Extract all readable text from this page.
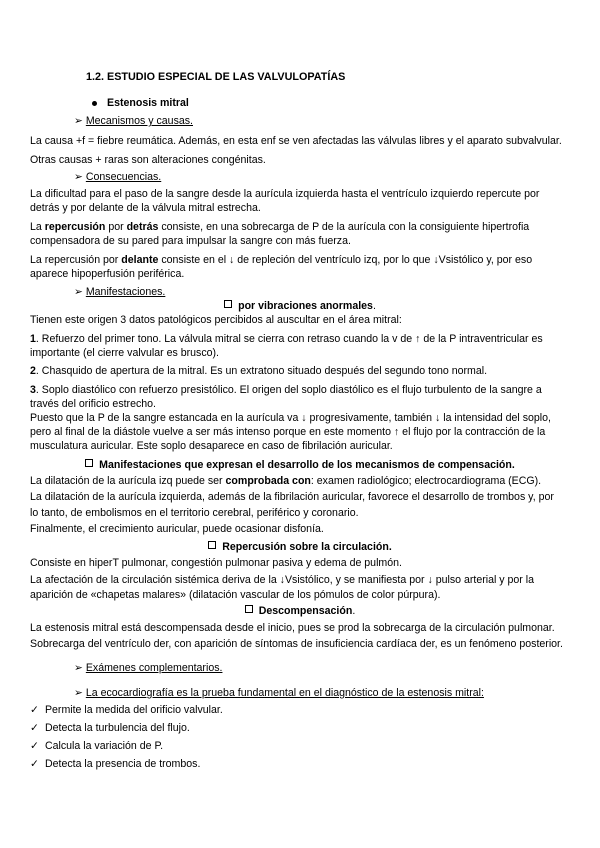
1.2. ESTUDIO ESPECIAL DE LAS VALVULOPATÍAS
Estenosis mitral
➢ Mecanismos y causas.
La causa +f = fiebre reumática. Además, en esta enf se ven afectadas las válvulas libres y el aparato subvalvular.
Otras causas + raras son alteraciones congénitas.
➢ Consecuencias.
La dificultad para el paso de la sangre desde la aurícula izquierda hasta el ventrículo izquierdo repercute por
detrás y por delante de la válvula mitral estrecha.
La repercusión por detrás consiste, en una sobrecarga de P de la aurícula con la consiguiente hipertrofia
compensadora de su pared para impulsar la sangre con más fuerza.
La repercusión por delante consiste en el ↓ de repleción del ventrículo izq, por lo que ↓Vsistólico y, por eso
aparece hipoperfusión periférica.
➢ Manifestaciones.
por vibraciones anormales.
Tienen este origen 3 datos patológicos percibidos al auscultar en el área mitral:
1. Refuerzo del primer tono. La válvula mitral se cierra con retraso cuando la v de ↑ de la P intraventricular es
importante (el cierre valvular es brusco).
2. Chasquido de apertura de la mitral. Es un extratono situado después del segundo tono normal.
3. Soplo diastólico con refuerzo presistólico. El origen del soplo diastólico es el flujo turbulento de la sangre a
través del orificio estrecho.
Puesto que la P de la sangre estancada en la aurícula va ↓ progresivamente, también ↓ la intensidad del soplo,
pero al final de la diástole vuelve a ser más intenso porque en este momento ↑ el flujo por la contracción de la
musculatura auricular. Este soplo desaparece en caso de fibrilación auricular.
Manifestaciones que expresan el desarrollo de los mecanismos de compensación.
La dilatación de la aurícula izq puede ser comprobada con: examen radiológico; electrocardiograma (ECG).
La dilatación de la aurícula izquierda, además de la fibrilación auricular, favorece el desarrollo de trombos y, por
lo tanto, de embolismos en el territorio cerebral, periférico y coronario.
Finalmente, el crecimiento auricular, puede ocasionar disfonía.
Repercusión sobre la circulación.
Consiste en hiperT pulmonar, congestión pulmonar pasiva y edema de pulmón.
La afectación de la circulación sistémica deriva de la ↓Vsistólico, y se manifiesta por ↓ pulso arterial y por la
aparición de «chapetas malares» (dilatación vascular de los pómulos de color púrpura).
Descompensación.
La estenosis mitral está descompensada desde el inicio, pues se prod la sobrecarga de la circulación pulmonar.
Sobrecarga del ventrículo der, con aparición de síntomas de insuficiencia cardíaca der, es un fenómeno posterior.
➢ Exámenes complementarios.
➢ La ecocardiografía es la prueba fundamental en el diagnóstico de la estenosis mitral:
✓ Permite la medida del orificio valvular.
✓ Detecta la turbulencia del flujo.
✓ Calcula la variación de P.
✓ Detecta la presencia de trombos.
